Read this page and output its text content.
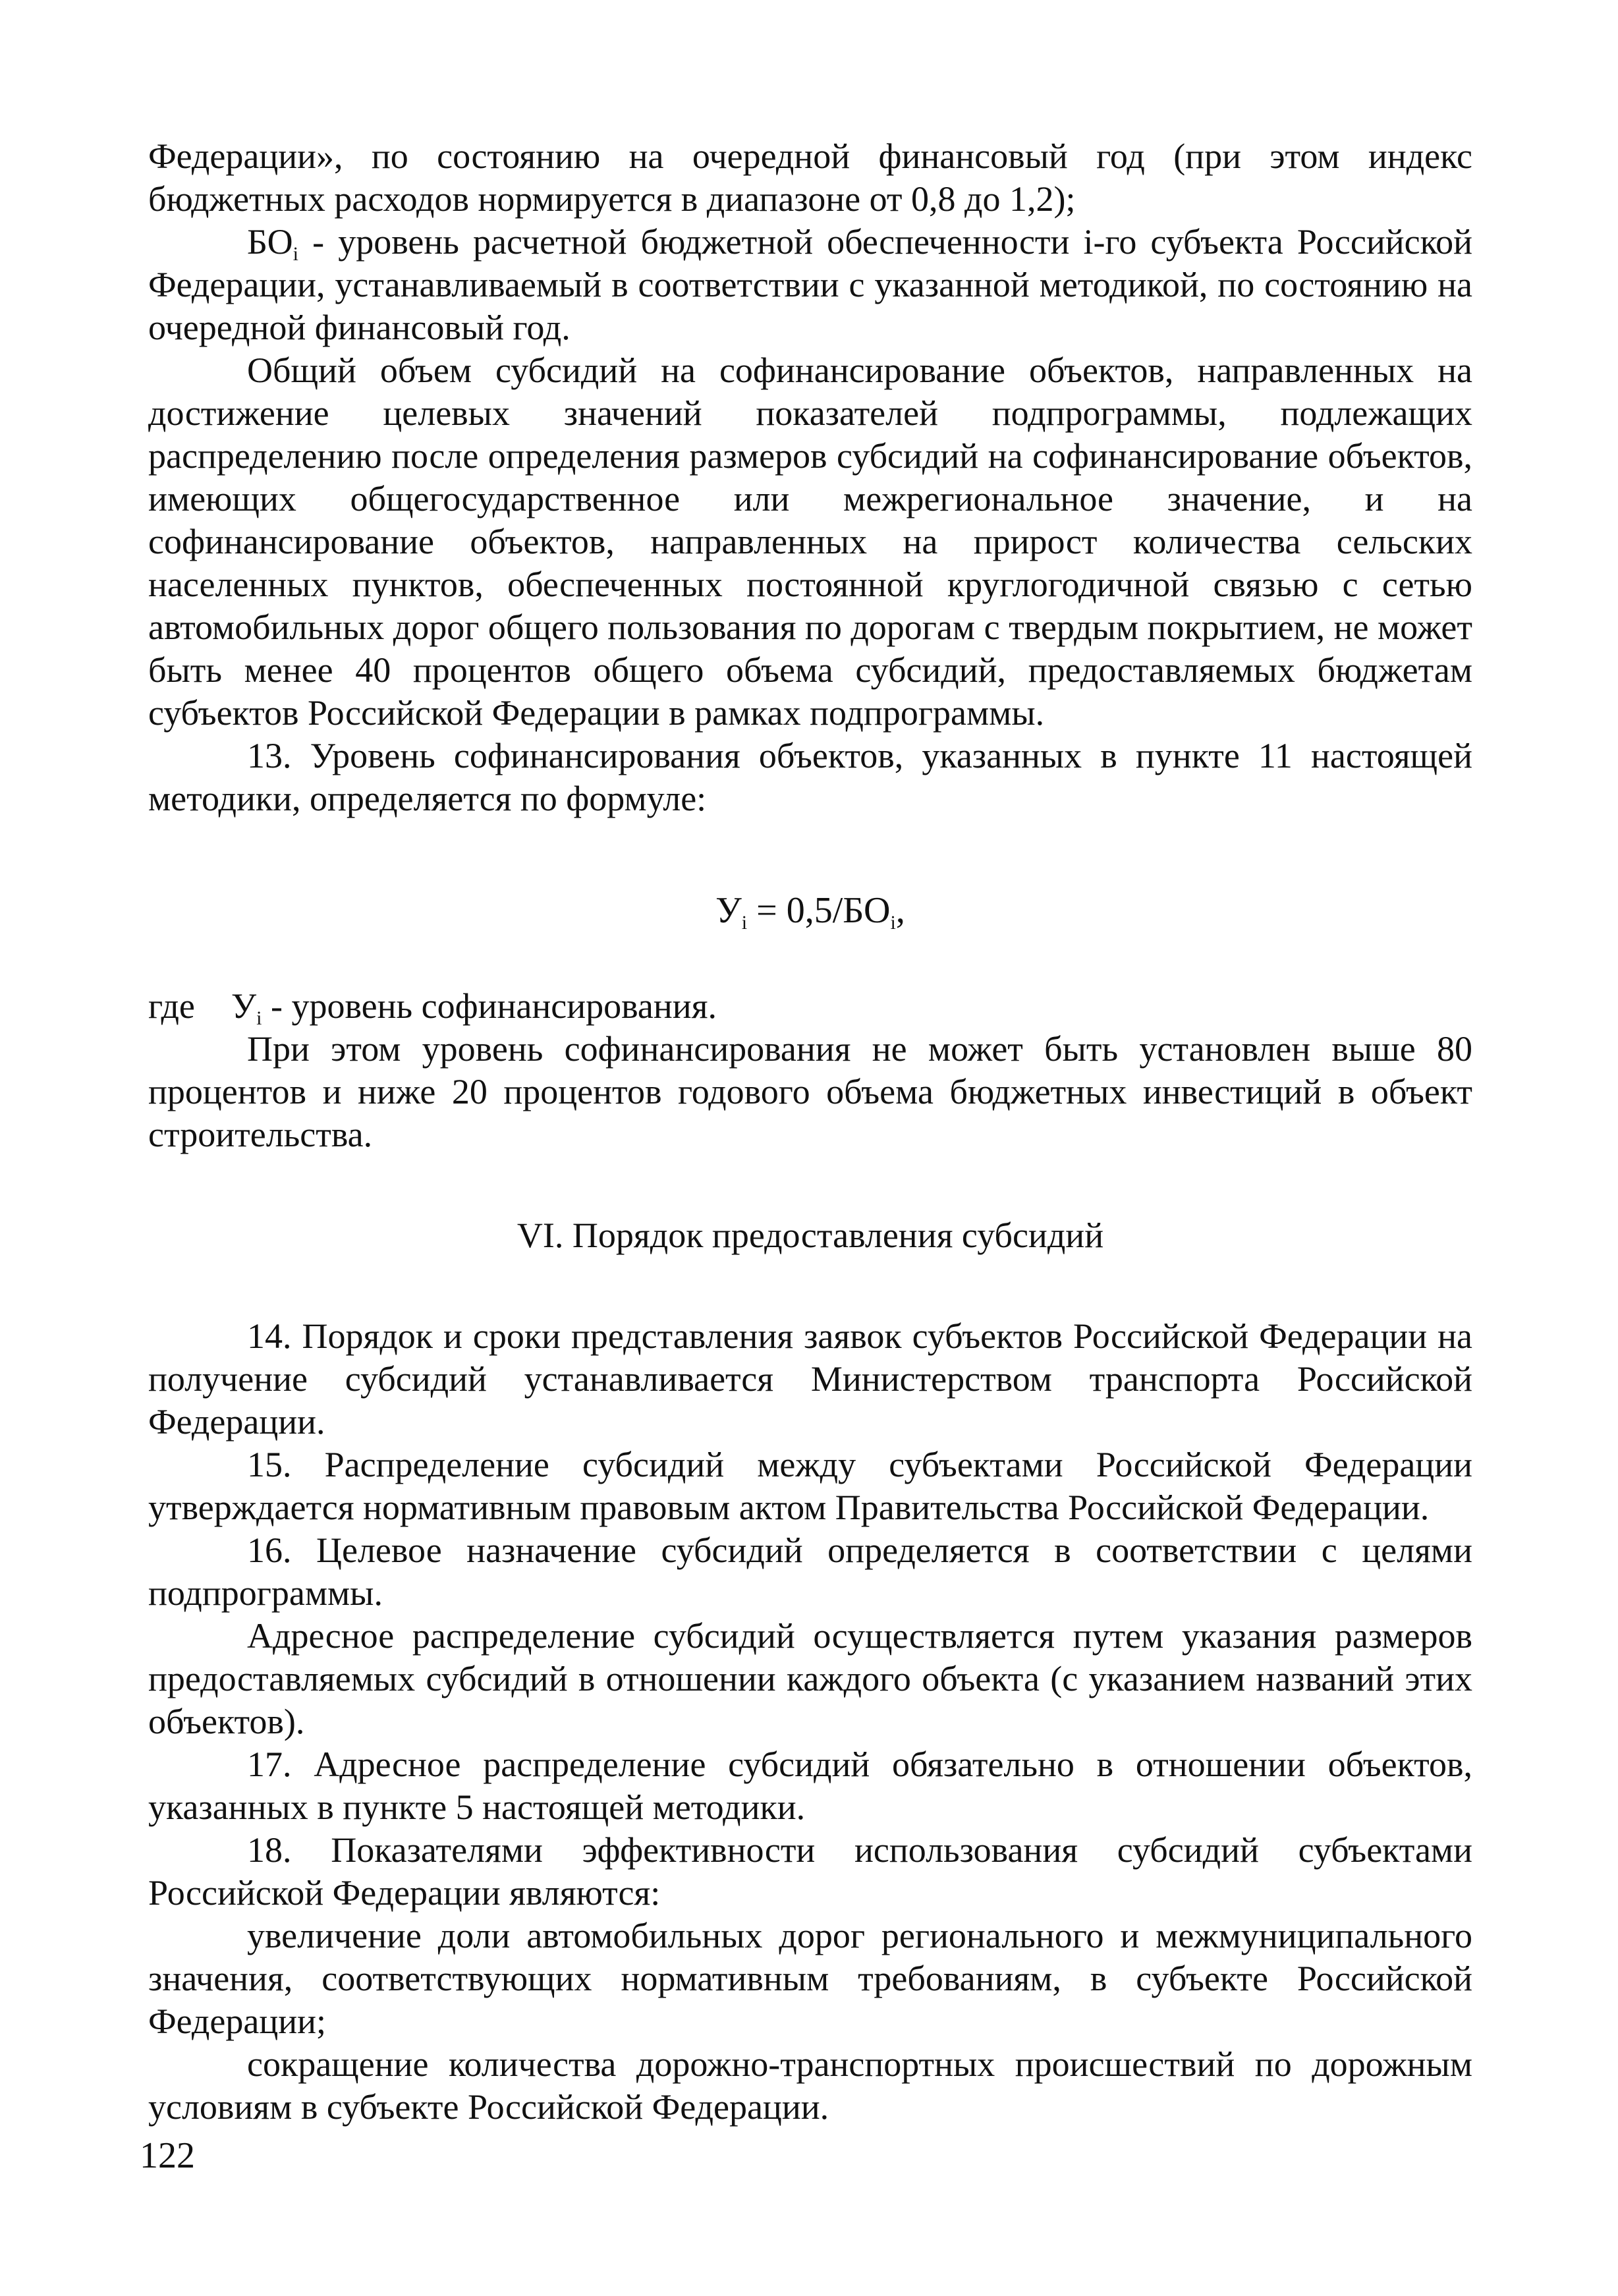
Федерации», по состоянию на очередной финансовый год (при этом индекс бюджетных расходов нормируется в диапазоне от 0,8 до 1,2);

$БО_i$ - уровень расчетной бюджетной обеспеченности i-го субъекта Российской Федерации, устанавливаемый в соответствии с указанной методикой, по состоянию на очередной финансовый год.

Общий объем субсидий на софинансирование объектов, направленных на достижение целевых значений показателей подпрограммы, подлежащих распределению после определения размеров субсидий на софинансирование объектов, имеющих общегосударственное или межрегиональное значение, и на софинансирование объектов, направленных на прирост количества сельских населенных пунктов, обеспеченных постоянной круглогодичной связью с сетью автомобильных дорог общего пользования по дорогам с твердым покрытием, не может быть менее 40 процентов общего объема субсидий, предоставляемых бюджетам субъектов Российской Федерации в рамках подпрограммы.

13. Уровень софинансирования объектов, указанных в пункте 11 настоящей методики, определяется по формуле:

$У_i = 0,5/БО_i$,

где $У_i$ - уровень софинансирования.

При этом уровень софинансирования не может быть установлен выше 80 процентов и ниже 20 процентов годового объема бюджетных инвестиций в объект строительства.

VI. Порядок предоставления субсидий

14. Порядок и сроки представления заявок субъектов Российской Федерации на получение субсидий устанавливается Министерством транспорта Российской Федерации.

15. Распределение субсидий между субъектами Российской Федерации утверждается нормативным правовым актом Правительства Российской Федерации.

16. Целевое назначение субсидий определяется в соответствии с целями подпрограммы.

Адресное распределение субсидий осуществляется путем указания размеров предоставляемых субсидий в отношении каждого объекта (с указанием названий этих объектов).

17. Адресное распределение субсидий обязательно в отношении объектов, указанных в пункте 5 настоящей методики.

18. Показателями эффективности использования субсидий субъектами Российской Федерации являются:

увеличение доли автомобильных дорог регионального и межмуниципального значения, соответствующих нормативным требованиям, в субъекте Российской Федерации;

сокращение количества дорожно-транспортных происшествий по дорожным условиям в субъекте Российской Федерации.

122
